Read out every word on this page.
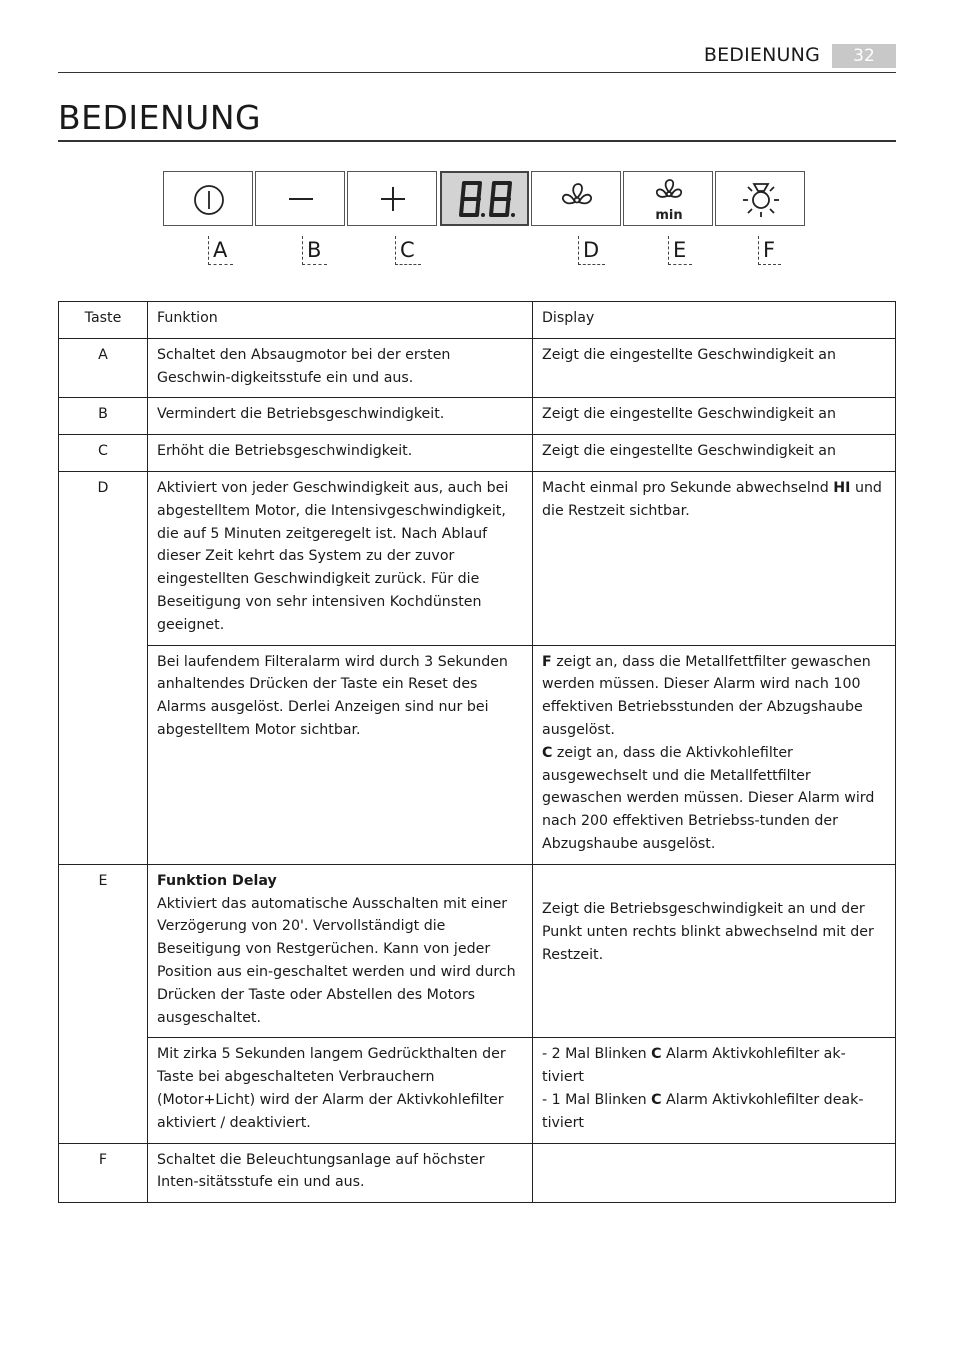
BEDIENUNG	32
BEDIENUNG
min
A	B	C	D	E	F
Taste	Funktion	Display
A	Schaltet den Absaugmotor bei der ersten Geschwin-digkeitsstufe ein und aus.	Zeigt die eingestellte Geschwindigkeit an
B	Vermindert die Betriebsgeschwindigkeit.	Zeigt die eingestellte Geschwindigkeit an
C	Erhöht die Betriebsgeschwindigkeit.	Zeigt die eingestellte Geschwindigkeit an
D	Aktiviert von jeder Geschwindigkeit aus, auch bei abgestelltem Motor, die Intensivgeschwindigkeit, die auf 5 Minuten zeitgeregelt ist. Nach Ablauf dieser Zeit kehrt das System zu der zuvor eingestellten Geschwindigkeit zurück. Für die Beseitigung von sehr intensiven Kochdünsten geeignet.	Macht einmal pro Sekunde abwechselnd HI und die Restzeit sichtbar.
	Bei laufendem Filteralarm wird durch 3 Sekunden anhaltendes Drücken der Taste ein Reset des Alarms ausgelöst. Derlei Anzeigen sind nur bei abgestelltem Motor sichtbar.	F zeigt an, dass die Metallfettfilter gewaschen werden müssen. Dieser Alarm wird nach 100 effektiven Betriebsstunden der Abzugshaube ausgelöst.
C zeigt an, dass die Aktivkohlefilter ausgewechselt und die Metallfettfilter gewaschen werden müssen. Dieser Alarm wird nach 200 effektiven Betriebss-tunden der Abzugshaube ausgelöst.
E	Funktion Delay
Aktiviert das automatische Ausschalten mit einer Verzögerung von 20'. Vervollständigt die Beseitigung von Restgerüchen. Kann von jeder Position aus ein-geschaltet werden und wird durch Drücken der Taste oder Abstellen des Motors ausgeschaltet.	Zeigt die Betriebsgeschwindigkeit an und der Punkt unten rechts blinkt abwechselnd mit der Restzeit.
	Mit zirka 5 Sekunden langem Gedrückthalten der Taste bei abgeschalteten Verbrauchern (Motor+Licht) wird der Alarm der Aktivkohlefilter aktiviert / deaktiviert.	- 2 Mal Blinken C Alarm Aktivkohlefilter ak-tiviert
- 1 Mal Blinken C Alarm Aktivkohlefilter deak-tiviert
F	Schaltet die Beleuchtungsanlage auf höchster Inten-sitätsstufe ein und aus.	
